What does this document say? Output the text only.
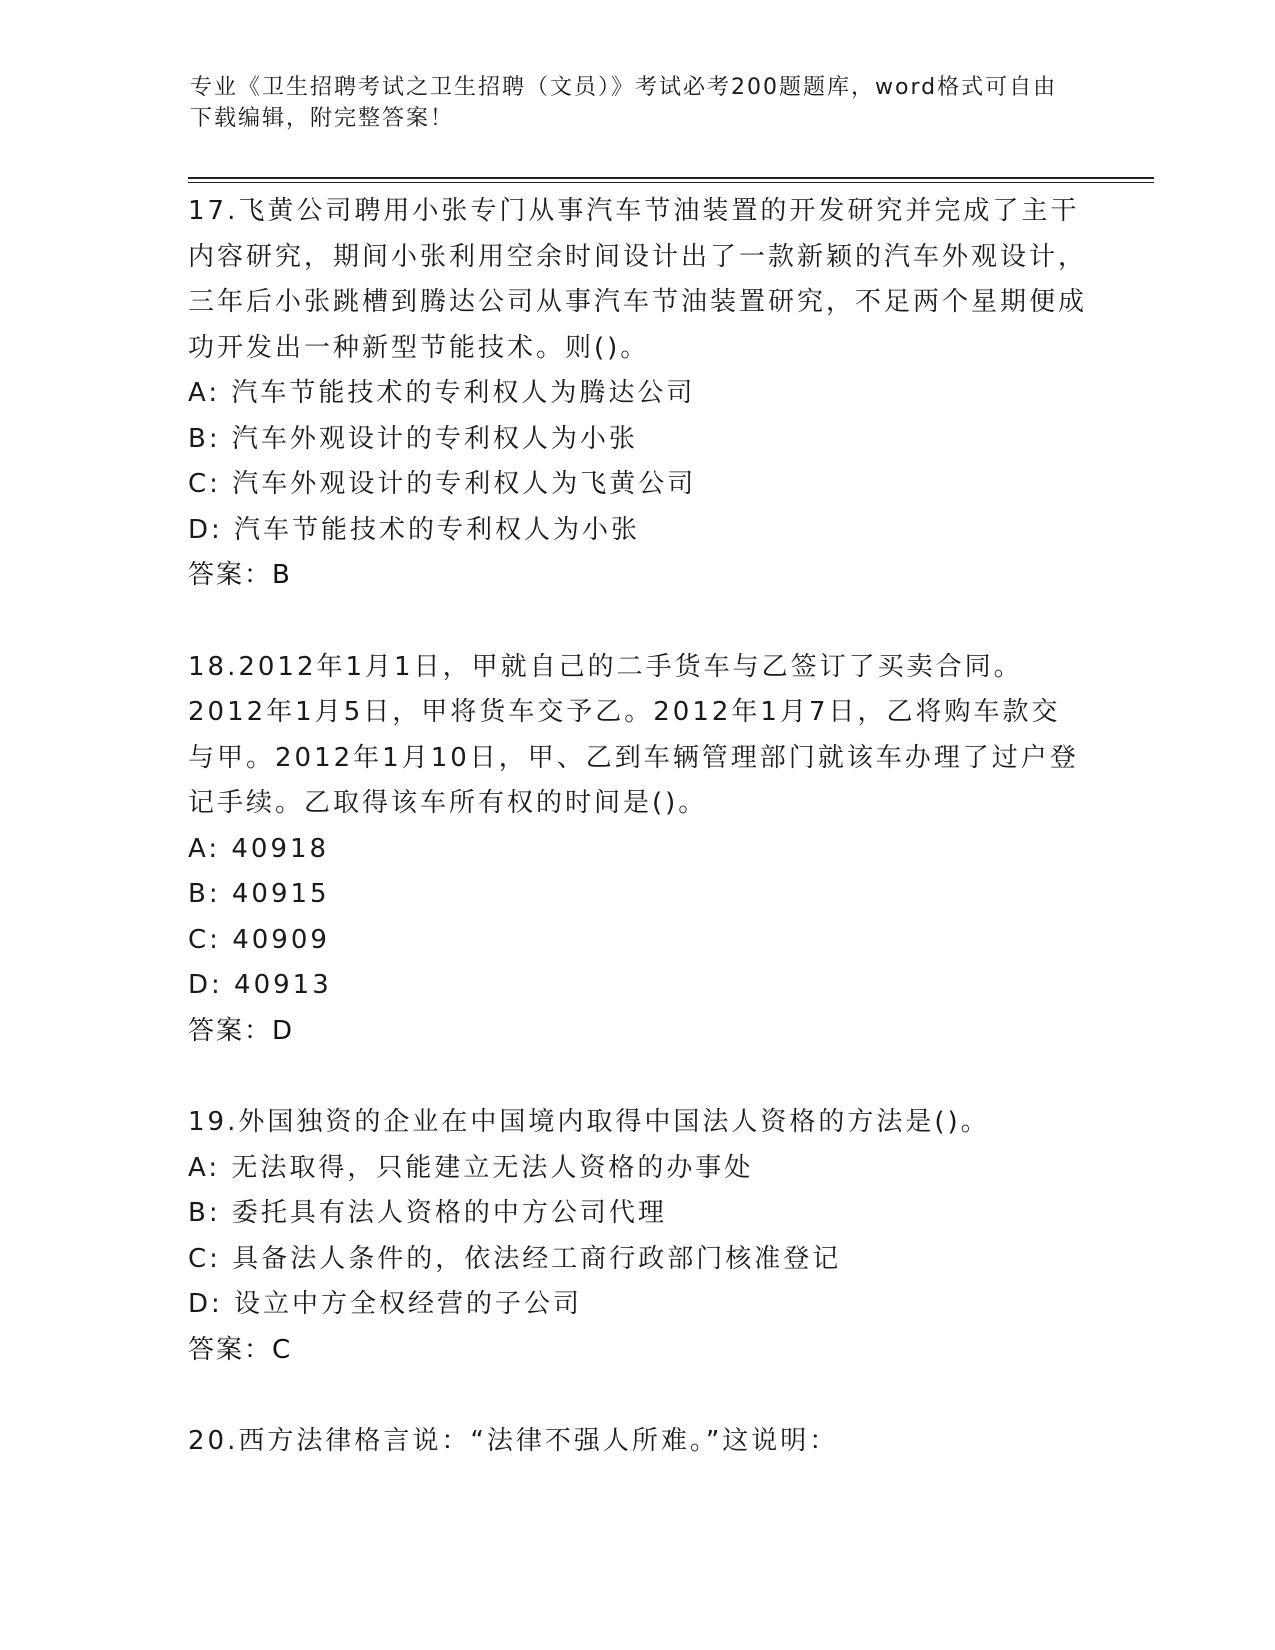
专业《卫生招聘考试之卫生招聘（文员）》考试必考200题题库，word格式可自由下载编辑，附完整答案！

17.飞黄公司聘用小张专门从事汽车节油装置的开发研究并完成了主干内容研究，期间小张利用空余时间设计出了一款新颖的汽车外观设计，三年后小张跳槽到腾达公司从事汽车节油装置研究，不足两个星期便成功开发出一种新型节能技术。则()。

A: 汽车节能技术的专利权人为腾达公司
B: 汽车外观设计的专利权人为小张
C: 汽车外观设计的专利权人为飞黄公司
D: 汽车节能技术的专利权人为小张
答案：B

18.2012年1月1日，甲就自己的二手货车与乙签订了买卖合同。2012年1月5日，甲将货车交予乙。2012年1月7日，乙将购车款交与甲。2012年1月10日，甲、乙到车辆管理部门就该车办理了过户登记手续。乙取得该车所有权的时间是()。

A: 40918
B: 40915
C: 40909
D: 40913
答案：D

19.外国独资的企业在中国境内取得中国法人资格的方法是()。

A: 无法取得，只能建立无法人资格的办事处
B: 委托具有法人资格的中方公司代理
C: 具备法人条件的，依法经工商行政部门核准登记
D: 设立中方全权经营的子公司
答案：C

20.西方法律格言说：“法律不强人所难。”这说明：
